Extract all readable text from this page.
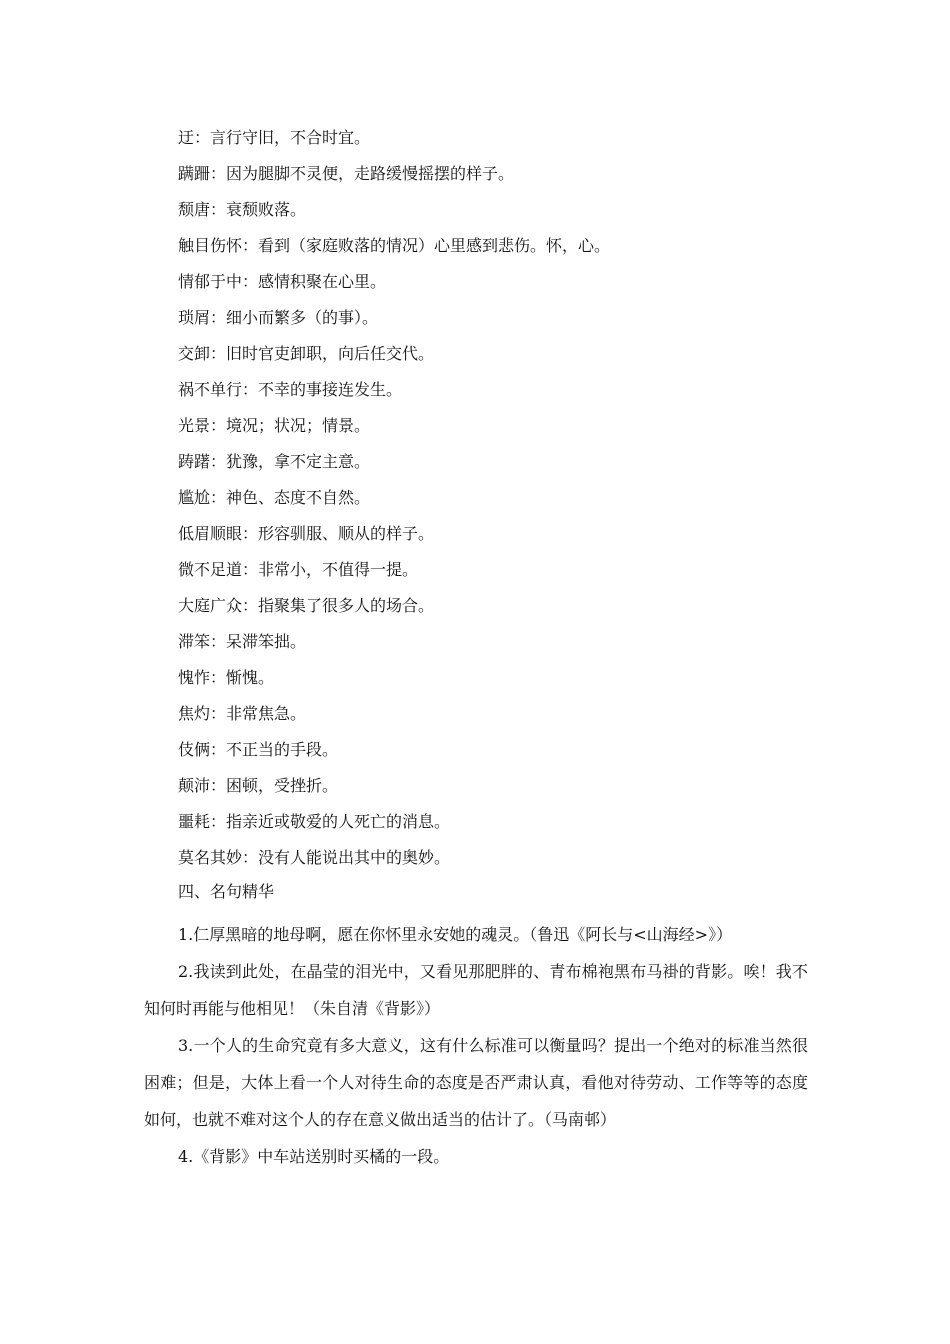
迂：言行守旧，不合时宜。
蹒跚：因为腿脚不灵便，走路缓慢摇摆的样子。
颓唐：衰颓败落。
触目伤怀：看到（家庭败落的情况）心里感到悲伤。怀，心。
情郁于中：感情积聚在心里。
琐屑：细小而繁多（的事）。
交卸：旧时官吏卸职，向后任交代。
祸不单行：不幸的事接连发生。
光景：境况；状况；情景。
踌躇：犹豫，拿不定主意。
尴尬：神色、态度不自然。
低眉顺眼：形容驯服、顺从的样子。
微不足道：非常小，不值得一提。
大庭广众：指聚集了很多人的场合。
滞笨：呆滞笨拙。
愧怍：惭愧。
焦灼：非常焦急。
伎俩：不正当的手段。
颠沛：困顿，受挫折。
噩耗：指亲近或敬爱的人死亡的消息。
莫名其妙：没有人能说出其中的奥妙。
四、名句精华

1.仁厚黑暗的地母啊，愿在你怀里永安她的魂灵。（鲁迅《阿长与<山海经>》）

2.我读到此处，在晶莹的泪光中，又看见那肥胖的、青布棉袍黑布马褂的背影。唉！我不知何时再能与他相见！（朱自清《背影》）

3.一个人的生命究竟有多大意义，这有什么标准可以衡量吗？提出一个绝对的标准当然很困难；但是，大体上看一个人对待生命的态度是否严肃认真，看他对待劳动、工作等等的态度如何，也就不难对这个人的存在意义做出适当的估计了。（马南邨）

4.《背影》中车站送别时买橘的一段。
